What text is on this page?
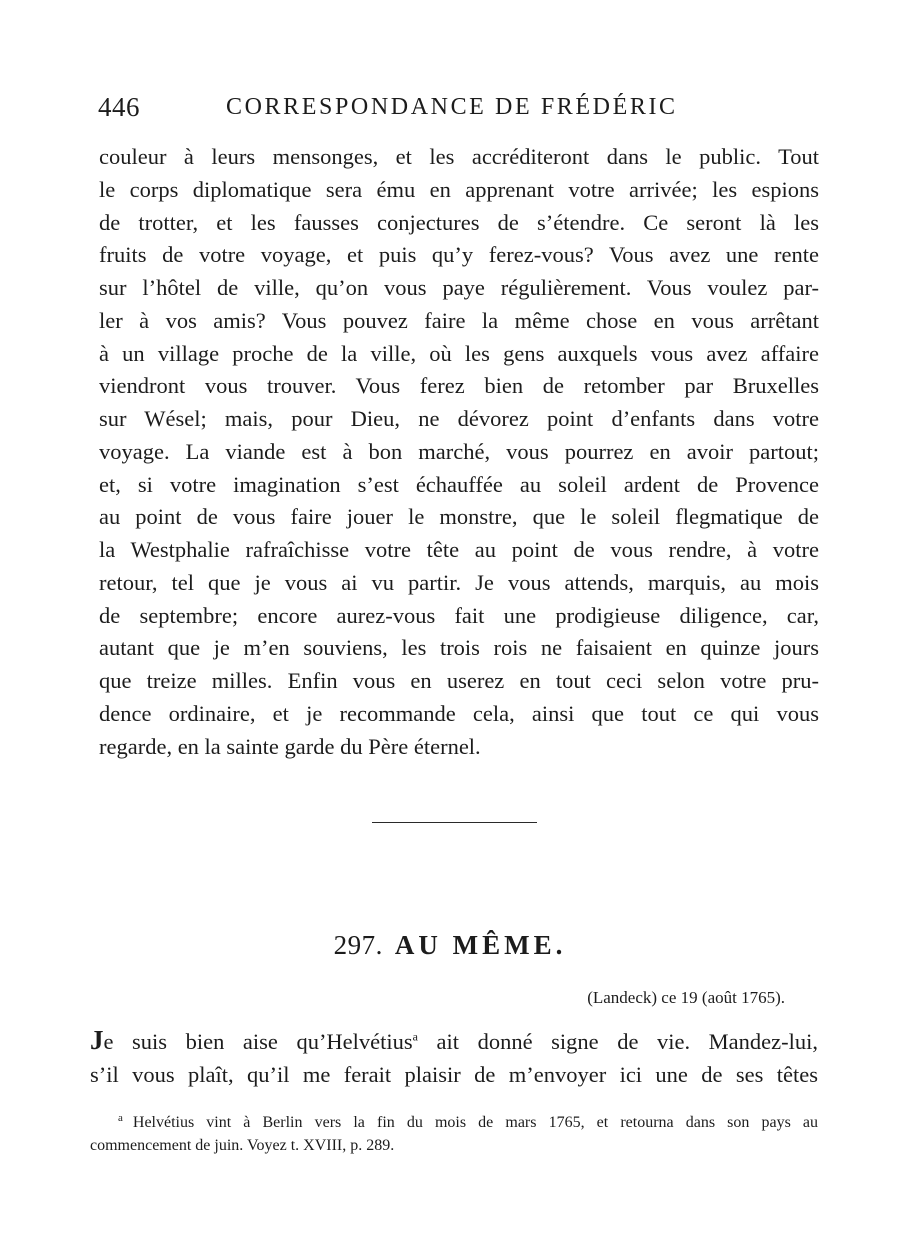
446	CORRESPONDANCE DE FRÉDÉRIC
couleur à leurs mensonges, et les accréditeront dans le public. Tout
le corps diplomatique sera ému en apprenant votre arrivée; les espions
de trotter, et les fausses conjectures de s’étendre. Ce seront là les
fruits de votre voyage, et puis qu’y ferez-vous? Vous avez une rente
sur l’hôtel de ville, qu’on vous paye régulièrement. Vous voulez par-
ler à vos amis? Vous pouvez faire la même chose en vous arrêtant
à un village proche de la ville, où les gens auxquels vous avez affaire
viendront vous trouver. Vous ferez bien de retomber par Bruxelles
sur Wésel; mais, pour Dieu, ne dévorez point d’enfants dans votre
voyage. La viande est à bon marché, vous pourrez en avoir partout;
et, si votre imagination s’est échauffée au soleil ardent de Provence
au point de vous faire jouer le monstre, que le soleil flegmatique de
la Westphalie rafraîchisse votre tête au point de vous rendre, à votre
retour, tel que je vous ai vu partir. Je vous attends, marquis, au mois
de septembre; encore aurez-vous fait une prodigieuse diligence, car,
autant que je m’en souviens, les trois rois ne faisaient en quinze jours
que treize milles. Enfin vous en userez en tout ceci selon votre pru-
dence ordinaire, et je recommande cela, ainsi que tout ce qui vous
regarde, en la sainte garde du Père éternel.
297. AU MÊME.
(Landeck) ce 19 (août 1765).
Je suis bien aise qu’Helvétius$^a$ ait donné signe de vie. Mandez-lui,
s’il vous plaît, qu’il me ferait plaisir de m’envoyer ici une de ses têtes
$^a$ Helvétius vint à Berlin vers la fin du mois de mars 1765, et retourna dans son pays au
commencement de juin. Voyez t. XVIII, p. 289.
